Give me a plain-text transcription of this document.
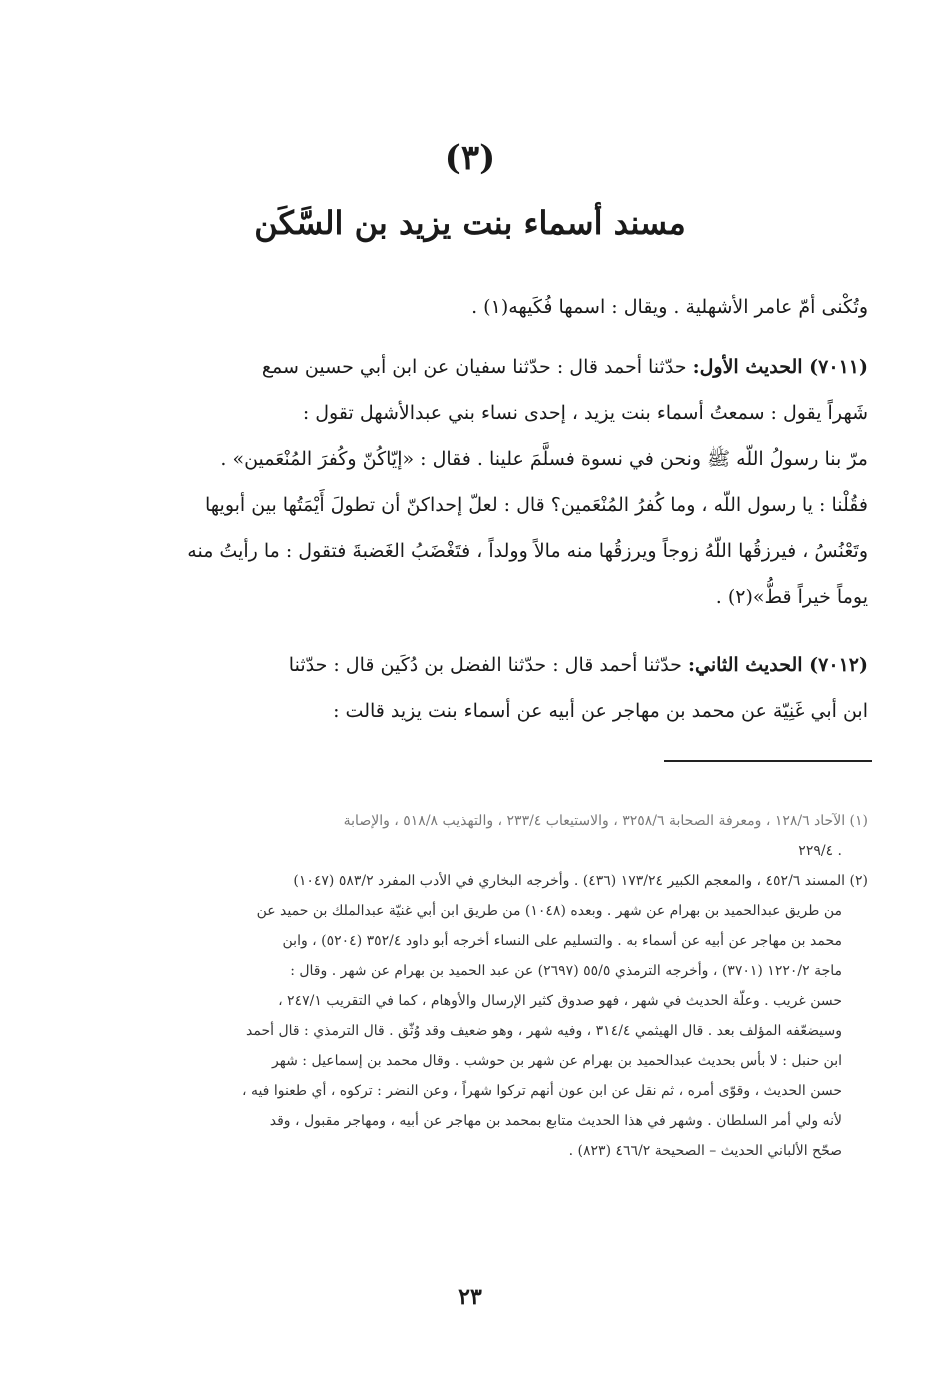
(٣)
مسند أسماء بنت يزيد بن السَّكَن
وتُكْنى أمّ عامر الأشهلية . ويقال : اسمها فُكَيهه(١) .
(٧٠١١) الحديث الأول: حدّثنا أحمد قال : حدّثنا سفيان عن ابن أبي حسين سمع
شَهراً يقول : سمعتُ أسماء بنت يزيد ، إحدى نساء بني عبدالأشهل تقول :
مرّ بنا رسولُ اللّه ﷺ ونحن في نسوة فسلَّمَ علينا . فقال : «إيّاكُنّ وكُفرَ المُنْعَمين» .
فقُلْنا : يا رسول اللّه ، وما كُفرُ المُنْعَمين؟ قال : لعلّ إحداكنّ أن تطولَ أَيْمَتُها بين أبويها
وتَعْنُسُ ، فيرزقُها اللّهُ زوجاً ويرزقُها منه مالاً وولداً ، فتَغْضَبُ الغَضبةَ فتقول : ما رأيتُ منه
يوماً خيراً قطُّ»(٢) .
(٧٠١٢) الحديث الثاني: حدّثنا أحمد قال : حدّثنا الفضل بن دُكَين قال : حدّثنا
ابن أبي غَنِيّة عن محمد بن مهاجر عن أبيه عن أسماء بنت يزيد قالت :
(١) الآحاد ١٢٨/٦ ، ومعرفة الصحابة ٣٢٥٨/٦ ، والاستيعاب ٢٣٣/٤ ، والتهذيب ٥١٨/٨ ، والإصابة
. ٢٢٩/٤
(٢) المسند ٤٥٢/٦ ، والمعجم الكبير ١٧٣/٢٤ (٤٣٦) . وأخرجه البخاري في الأدب المفرد ٥٨٣/٢ (١٠٤٧)
من طريق عبدالحميد بن بهرام عن شهر . وبعده (١٠٤٨) من طريق ابن أبي غنيّة عبدالملك بن حميد عن
محمد بن مهاجر عن أبيه عن أسماء به . والتسليم على النساء أخرجه أبو داود ٣٥٢/٤ (٥٢٠٤) ، وابن
ماجة ١٢٢٠/٢ (٣٧٠١) ، وأخرجه الترمذي ٥٥/٥ (٢٦٩٧) عن عبد الحميد بن بهرام عن شهر . وقال :
حسن غريب . وعلّة الحديث في شهر ، فهو صدوق كثير الإرسال والأوهام ، كما في التقريب ٢٤٧/١ ،
وسيضعّفه المؤلف بعد . قال الهيثمي ٣١٤/٤ ، وفيه شهر ، وهو ضعيف وقد وُثّق . قال الترمذي : قال أحمد
ابن حنبل : لا بأس بحديث عبدالحميد بن بهرام عن شهر بن حوشب . وقال محمد بن إسماعيل : شهر
حسن الحديث ، وقوّى أمره ، ثم نقل عن ابن عون أنهم تركوا شهراً ، وعن النضر : تركوه ، أي طعنوا فيه ،
لأنه ولي أمر السلطان . وشهر في هذا الحديث متابع بمحمد بن مهاجر عن أبيه ، ومهاجر مقبول ، وقد
صحّح الألباني الحديث – الصحيحة ٤٦٦/٢ (٨٢٣) .
٢٣
